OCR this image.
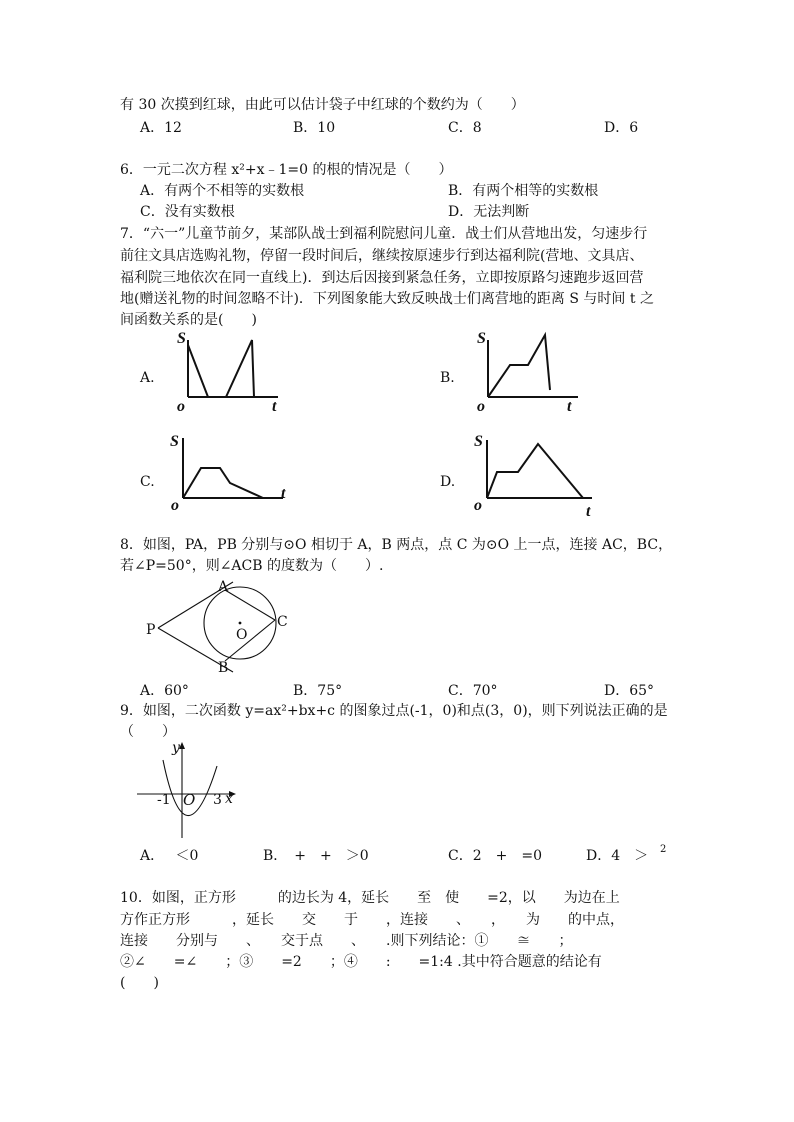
有 30 次摸到红球，由此可以估计袋子中红球的个数约为（　　）
A．12	B．10	C．8	D．6
6．一元二次方程 x²+x﹣1=0 的根的情况是（　　）
A．有两个不相等的实数根	B．有两个相等的实数根
C．没有实数根	D．无法判断
7．“六一”儿童节前夕，某部队战士到福利院慰问儿童．战士们从营地出发，匀速步行
前往文具店选购礼物，停留一段时间后，继续按原速步行到达福利院(营地、文具店、
福利院三地依次在同一直线上)．到达后因接到紧急任务，立即按原路匀速跑步返回营
地(赠送礼物的时间忽略不计)．下列图象能大致反映战士们离营地的距离 S 与时间 t 之
间函数关系的是(　　)
A.	B.
C.	D.
S
t
o
S
t
o
S
t
o
S
t
o
8．如图，PA，PB 分别与⊙O 相切于 A，B 两点，点 C 为⊙O 上一点，连接 AC，BC，
若∠P=50°，则∠ACB 的度数为（　　）.
P
A
B
C
O
A．60°	B．75°	C．70°	D．65°
9．如图，二次函数 y=ax²+bx+c 的图象过点(-1，0)和点(3，0)，则下列说法正确的是
（　　）
y
x
-1 O 3
A．　 ＜0	B．　+　+　＞0	C．2　+　=0	D．4　＞ 2
10．如图，正方形　　　的边长为 4，延长　　至　使　　=2，以　　为边在上
方作正方形　　　，延长　　交　　于　　，连接　　、　　，　　为　　的中点，
连接　　分别与　　、　　交于点　　、　　.则下列结论：①　　≅　　；
②∠　　=∠　　；③　　=2　　；④　　:　　=1:4 .其中符合题意的结论有
(　　)
